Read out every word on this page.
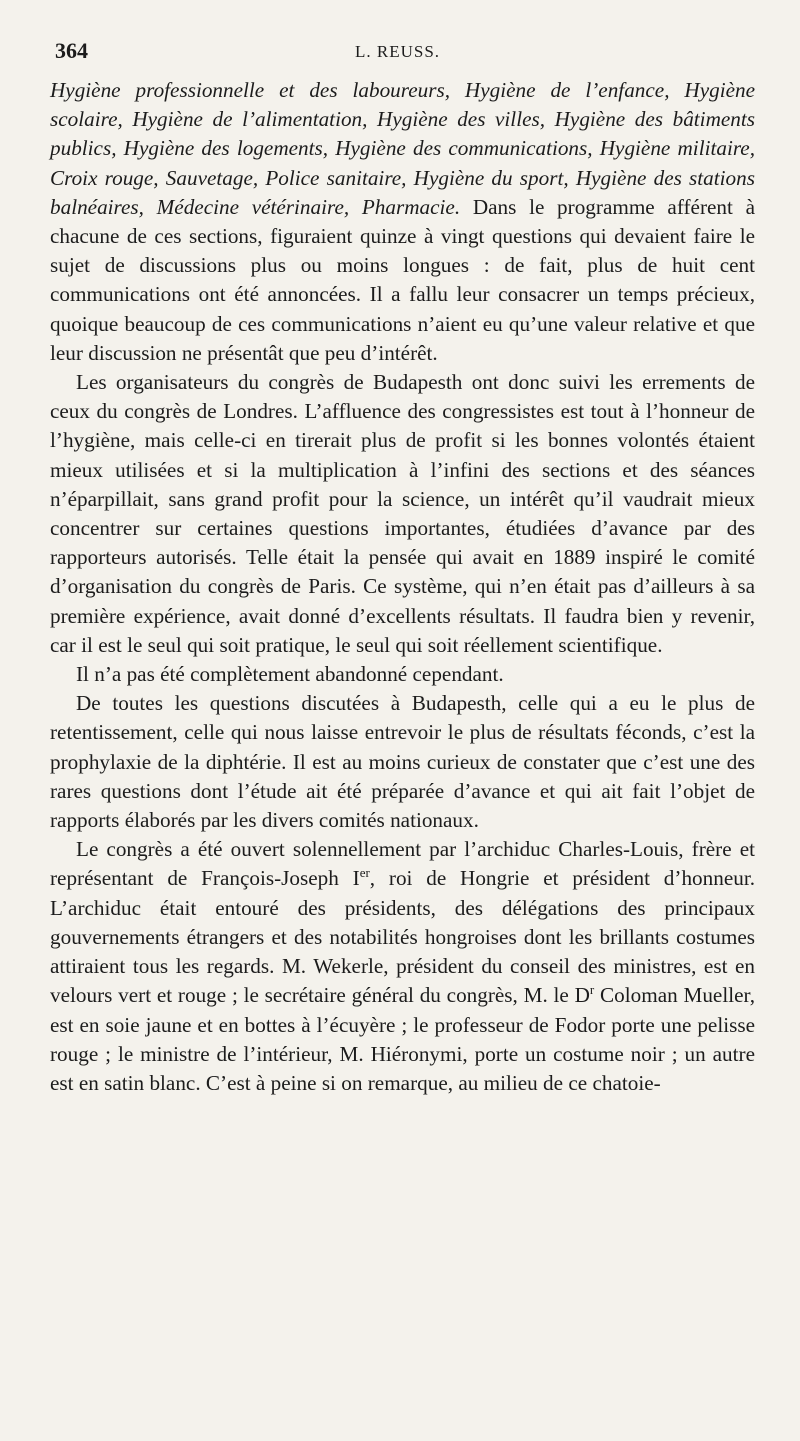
364	L. REUSS.

Hygiène professionnelle et des laboureurs, Hygiène de l’enfance, Hygiène scolaire, Hygiène de l’alimentation, Hygiène des villes, Hygiène des bâtiments publics, Hygiène des logements, Hygiène des communications, Hygiène militaire, Croix rouge, Sauvetage, Police sanitaire, Hygiène du sport, Hygiène des stations balnéaires, Médecine vétérinaire, Pharmacie. Dans le programme afférent à chacune de ces sections, figuraient quinze à vingt questions qui devaient faire le sujet de discussions plus ou moins longues : de fait, plus de huit cent communications ont été annoncées. Il a fallu leur consacrer un temps précieux, quoique beaucoup de ces communications n’aient eu qu’une valeur relative et que leur discussion ne présentât que peu d’intérêt.

Les organisateurs du congrès de Budapesth ont donc suivi les errements de ceux du congrès de Londres. L’affluence des congressistes est tout à l’honneur de l’hygiène, mais celle-ci en tirerait plus de profit si les bonnes volontés étaient mieux utilisées et si la multiplication à l’infini des sections et des séances n’éparpillait, sans grand profit pour la science, un intérêt qu’il vaudrait mieux concentrer sur certaines questions importantes, étudiées d’avance par des rapporteurs autorisés. Telle était la pensée qui avait en 1889 inspiré le comité d’organisation du congrès de Paris. Ce système, qui n’en était pas d’ailleurs à sa première expérience, avait donné d’excellents résultats. Il faudra bien y revenir, car il est le seul qui soit pratique, le seul qui soit réellement scientifique.

Il n’a pas été complètement abandonné cependant.

De toutes les questions discutées à Budapesth, celle qui a eu le plus de retentissement, celle qui nous laisse entrevoir le plus de résultats féconds, c’est la prophylaxie de la diphtérie. Il est au moins curieux de constater que c’est une des rares questions dont l’étude ait été préparée d’avance et qui ait fait l’objet de rapports élaborés par les divers comités nationaux.

Le congrès a été ouvert solennellement par l’archiduc Charles-Louis, frère et représentant de François-Joseph Ier, roi de Hongrie et président d’honneur. L’archiduc était entouré des présidents, des délégations des principaux gouvernements étrangers et des notabilités hongroises dont les brillants costumes attiraient tous les regards. M. Wekerle, président du conseil des ministres, est en velours vert et rouge ; le secrétaire général du congrès, M. le $D^r$ Coloman Mueller, est en soie jaune et en bottes à l’écuyère ; le professeur de Fodor porte une pelisse rouge ; le ministre de l’intérieur, M. Hiéronymi, porte un costume noir ; un autre est en satin blanc. C’est à peine si on remarque, au milieu de ce chatoie-
